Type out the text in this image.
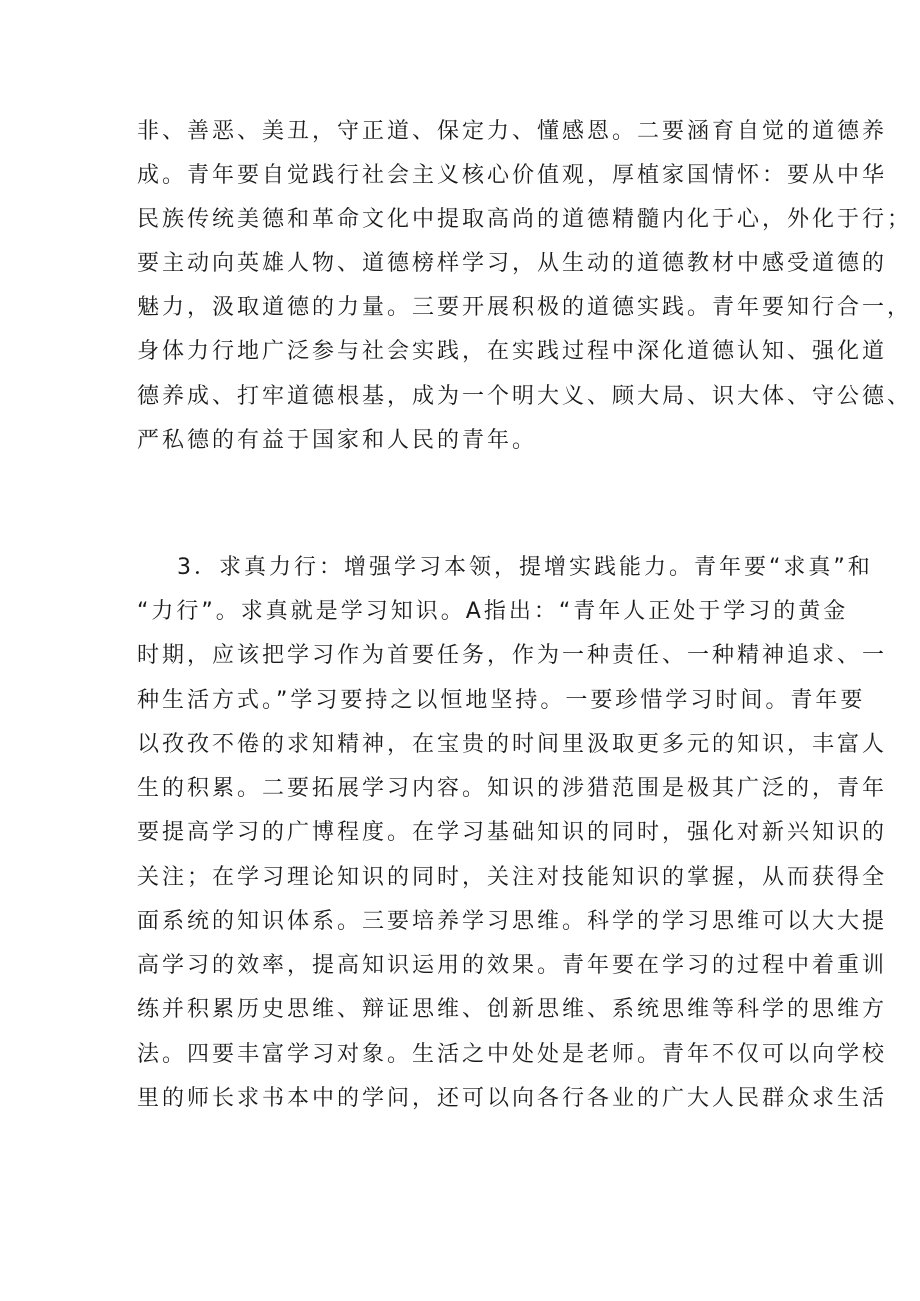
非、善恶、美丑，守正道、保定力、懂感恩。二要涵育自觉的道德养

成。青年要自觉践行社会主义核心价值观，厚植家国情怀：要从中华

民族传统美德和革命文化中提取高尚的道德精髓内化于心，外化于行；

要主动向英雄人物、道德榜样学习，从生动的道德教材中感受道德的

魅力，汲取道德的力量。三要开展积极的道德实践。青年要知行合一，

身体力行地广泛参与社会实践，在实践过程中深化道德认知、强化道

德养成、打牢道德根基，成为一个明大义、顾大局、识大体、守公德、

严私德的有益于国家和人民的青年。

3．求真力行：增强学习本领，提增实践能力。青年要“求真”和

“力行”。求真就是学习知识。A指出：“青年人正处于学习的黄金

时期，应该把学习作为首要任务，作为一种责任、一种精神追求、一

种生活方式。”学习要持之以恒地坚持。一要珍惜学习时间。青年要

以孜孜不倦的求知精神，在宝贵的时间里汲取更多元的知识，丰富人

生的积累。二要拓展学习内容。知识的涉猎范围是极其广泛的，青年

要提高学习的广博程度。在学习基础知识的同时，强化对新兴知识的

关注；在学习理论知识的同时，关注对技能知识的掌握，从而获得全

面系统的知识体系。三要培养学习思维。科学的学习思维可以大大提

高学习的效率，提高知识运用的效果。青年要在学习的过程中着重训

练并积累历史思维、辩证思维、创新思维、系统思维等科学的思维方

法。四要丰富学习对象。生活之中处处是老师。青年不仅可以向学校

里的师长求书本中的学问，还可以向各行各业的广大人民群众求生活
